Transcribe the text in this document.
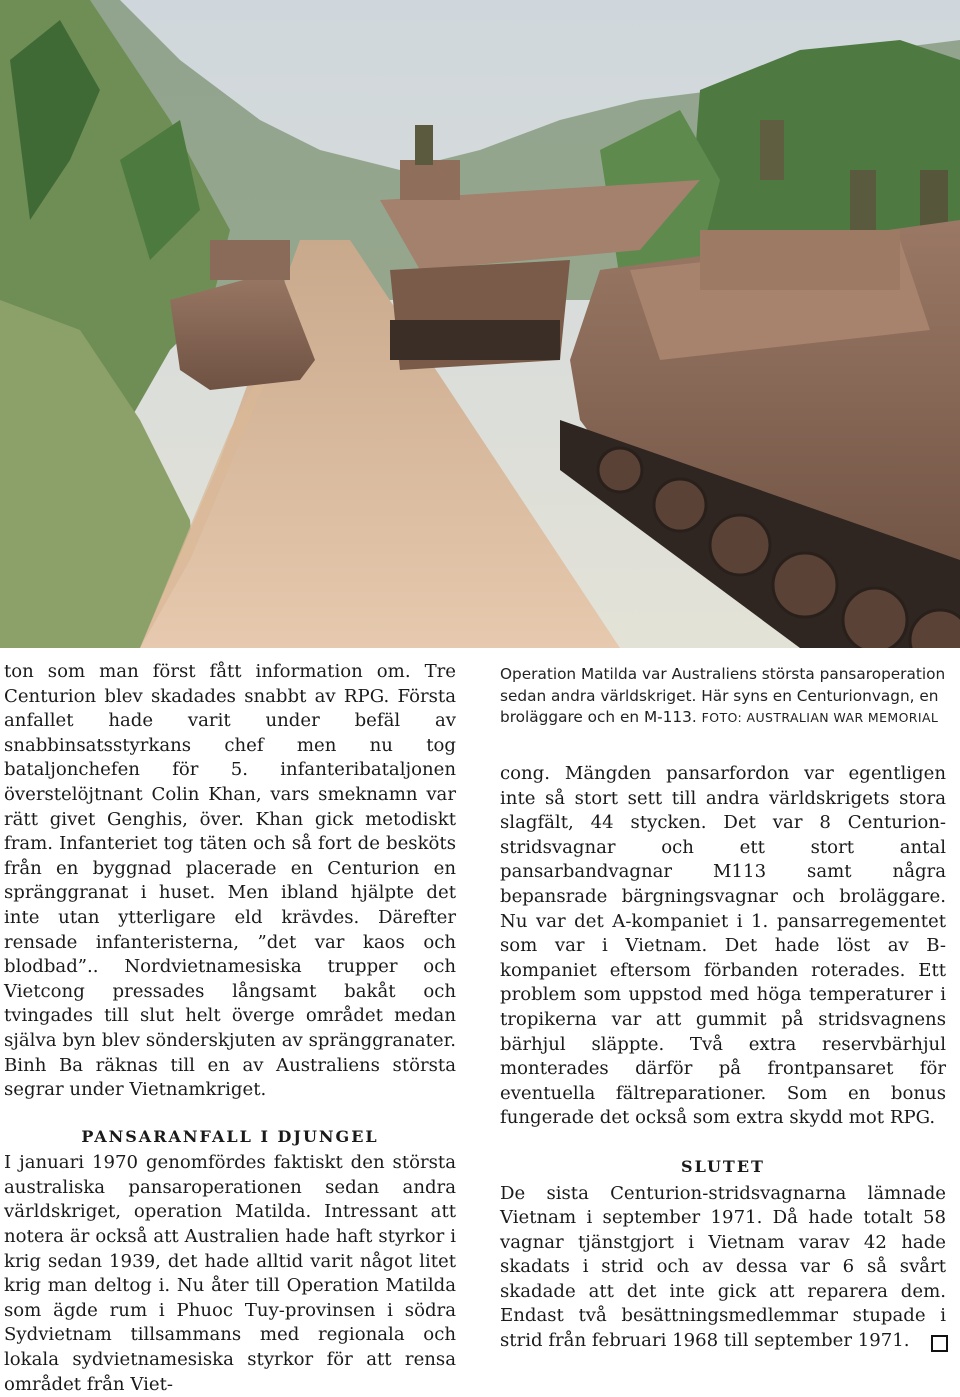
Operation Matilda var Australiens största pansaroperation sedan andra världskriget. Här syns en Centurionvagn, en broläggare och en M-113. FOTO: AUSTRALIAN WAR MEMORIAL

ton som man först fått information om. Tre Centurion blev skadades snabbt av RPG. Första anfallet hade varit under befäl av snabbinsatsstyrkans chef men nu tog bataljonchefen för 5. infanteribataljonen överstelöjtnant Colin Khan, vars smeknamn var rätt givet Genghis, över. Khan gick metodiskt fram. Infanteriet tog täten och så fort de besköts från en byggnad placerade en Centurion en spränggranat i huset. Men ibland hjälpte det inte utan ytterligare eld krävdes. Därefter rensade infanteristerna, ”det var kaos och blodbad”.. Nordvietnamesiska trupper och Vietcong pressades långsamt bakåt och tvingades till slut helt överge området medan själva byn blev sönderskjuten av spränggranater. Binh Ba räknas till en av Australiens största segrar under Vietnamkriget.

PANSARANFALL I DJUNGEL

I januari 1970 genomfördes faktiskt den största australiska pansaroperationen sedan andra världskriget, operation Matilda. Intressant att notera är också att Australien hade haft styrkor i krig sedan 1939, det hade alltid varit något litet krig man deltog i. Nu åter till Operation Matilda som ägde rum i Phuoc Tuy-provinsen i södra Sydvietnam tillsammans med regionala och lokala sydvietnamesiska styrkor för att rensa området från Viet-

cong. Mängden pansarfordon var egentligen inte så stort sett till andra världskrigets stora slagfält, 44 stycken. Det var 8 Centurion-stridsvagnar och ett stort antal pansarbandvagnar M113 samt några bepansrade bärgningsvagnar och broläggare. Nu var det A-kompaniet i 1. pansarregementet som var i Vietnam. Det hade löst av B-kompaniet eftersom förbanden roterades. Ett problem som uppstod med höga temperaturer i tropikerna var att gummit på stridsvagnens bärhjul släppte. Två extra reservbärhjul monterades därför på frontpansaret för eventuella fältreparationer. Som en bonus fungerade det också som extra skydd mot RPG.

SLUTET

De sista Centurion-stridsvagnarna lämnade Vietnam i september 1971. Då hade totalt 58 vagnar tjänstgjort i Vietnam varav 42 hade skadats i strid och av dessa var 6 så svårt skadade att det inte gick att reparera dem. Endast två besättningsmedlemmar stupade i strid från februari 1968 till september 1971.
